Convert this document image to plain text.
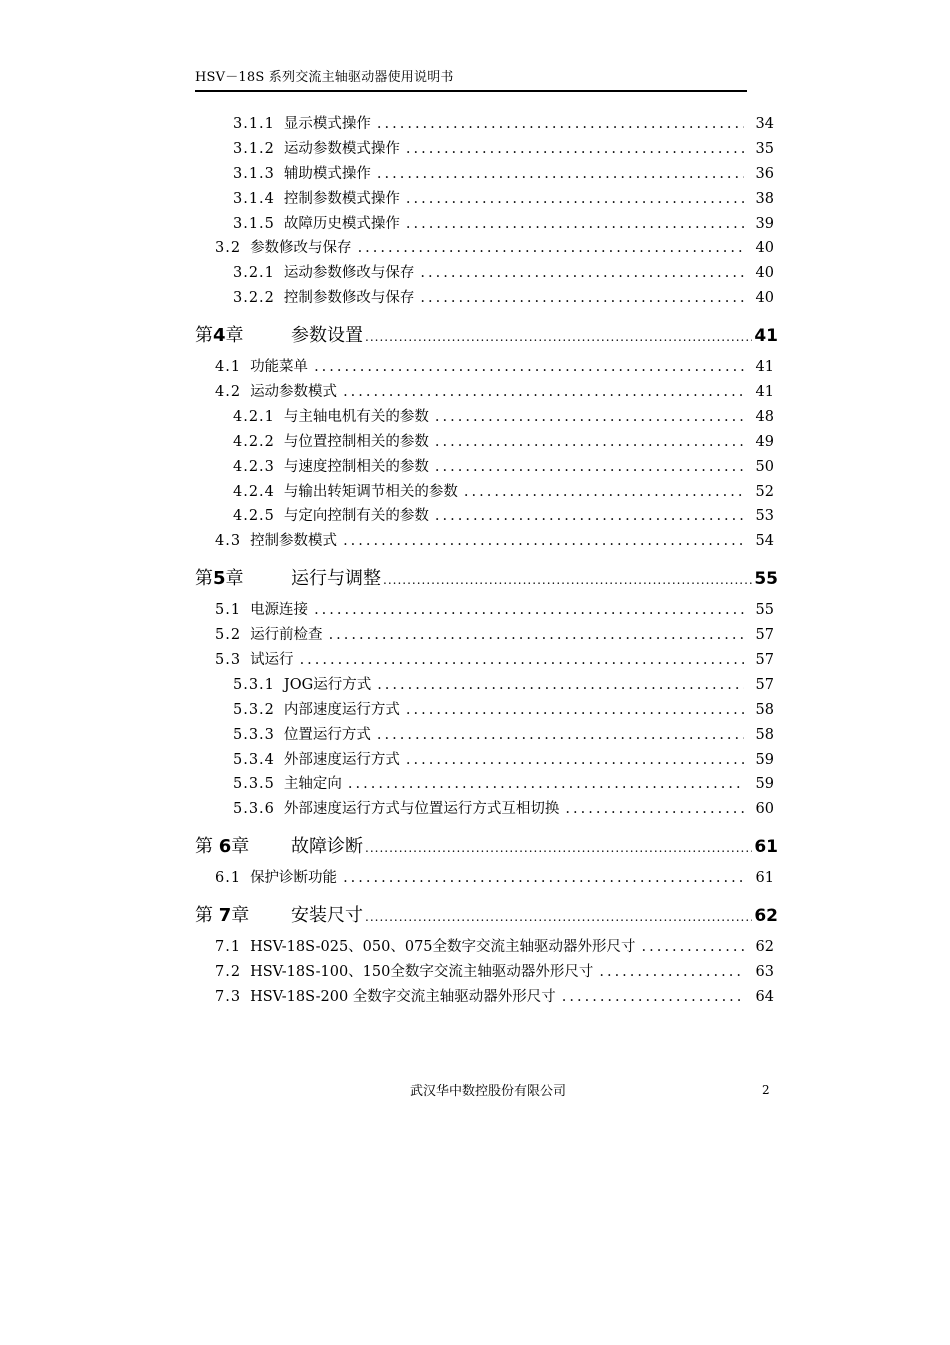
HSV－18S 系列交流主轴驱动器使用说明书
3.1.1 显示模式操作 .....	34
3.1.2 运动参数模式操作 .....	35
3.1.3 辅助模式操作 .....	36
3.1.4 控制参数模式操作 .....	38
3.1.5 故障历史模式操作 .....	39
3.2 参数修改与保存 .....	40
3.2.1 运动参数修改与保存 .....	40
3.2.2 控制参数修改与保存 .....	40
第4章	参数设置 .....	41
4.1 功能菜单 .....	41
4.2 运动参数模式 .....	41
4.2.1 与主轴电机有关的参数 .....	48
4.2.2 与位置控制相关的参数 .....	49
4.2.3 与速度控制相关的参数 .....	50
4.2.4 与输出转矩调节相关的参数 .....	52
4.2.5 与定向控制有关的参数 .....	53
4.3 控制参数模式 .....	54
第5章	运行与调整 .....	55
5.1 电源连接 .....	55
5.2 运行前检查 .....	57
5.3 试运行 .....	57
5.3.1 JOG运行方式 .....	57
5.3.2 内部速度运行方式 .....	58
5.3.3 位置运行方式 .....	58
5.3.4 外部速度运行方式 .....	59
5.3.5 主轴定向 .....	59
5.3.6 外部速度运行方式与位置运行方式互相切换 .....	60
第 6章	故障诊断 .....	61
6.1 保护诊断功能 .....	61
第 7章	安装尺寸 .....	62
7.1 HSV-18S-025、050、075全数字交流主轴驱动器外形尺寸 .....	62
7.2 HSV-18S-100、150全数字交流主轴驱动器外形尺寸 .....	63
7.3 HSV-18S-200 全数字交流主轴驱动器外形尺寸 .....	64
武汉华中数控股份有限公司	2
